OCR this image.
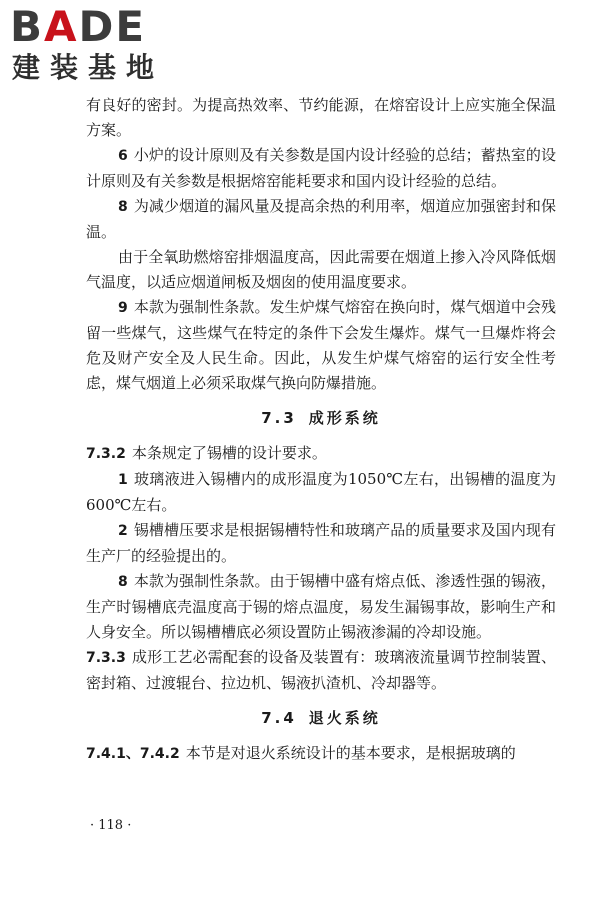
BADE
建装基地

有良好的密封。为提高热效率、节约能源，在熔窑设计上应实施全保温方案。

6 小炉的设计原则及有关参数是国内设计经验的总结；蓄热室的设计原则及有关参数是根据熔窑能耗要求和国内设计经验的总结。

8 为减少烟道的漏风量及提高余热的利用率，烟道应加强密封和保温。

由于全氧助燃熔窑排烟温度高，因此需要在烟道上掺入冷风降低烟气温度，以适应烟道闸板及烟囱的使用温度要求。

9 本款为强制性条款。发生炉煤气熔窑在换向时，煤气烟道中会残留一些煤气，这些煤气在特定的条件下会发生爆炸。煤气一旦爆炸将会危及财产安全及人民生命。因此，从发生炉煤气熔窑的运行安全性考虑，煤气烟道上必须采取煤气换向防爆措施。

7.3 成形系统

7.3.2 本条规定了锡槽的设计要求。

1 玻璃液进入锡槽内的成形温度为1050℃左右，出锡槽的温度为600℃左右。

2 锡槽槽压要求是根据锡槽特性和玻璃产品的质量要求及国内现有生产厂的经验提出的。

8 本款为强制性条款。由于锡槽中盛有熔点低、渗透性强的锡液，生产时锡槽底壳温度高于锡的熔点温度，易发生漏锡事故，影响生产和人身安全。所以锡槽槽底必须设置防止锡液渗漏的冷却设施。

7.3.3 成形工艺必需配套的设备及装置有：玻璃液流量调节控制装置、密封箱、过渡辊台、拉边机、锡液扒渣机、冷却器等。

7.4 退火系统

7.4.1、7.4.2 本节是对退火系统设计的基本要求，是根据玻璃的

· 118 ·
